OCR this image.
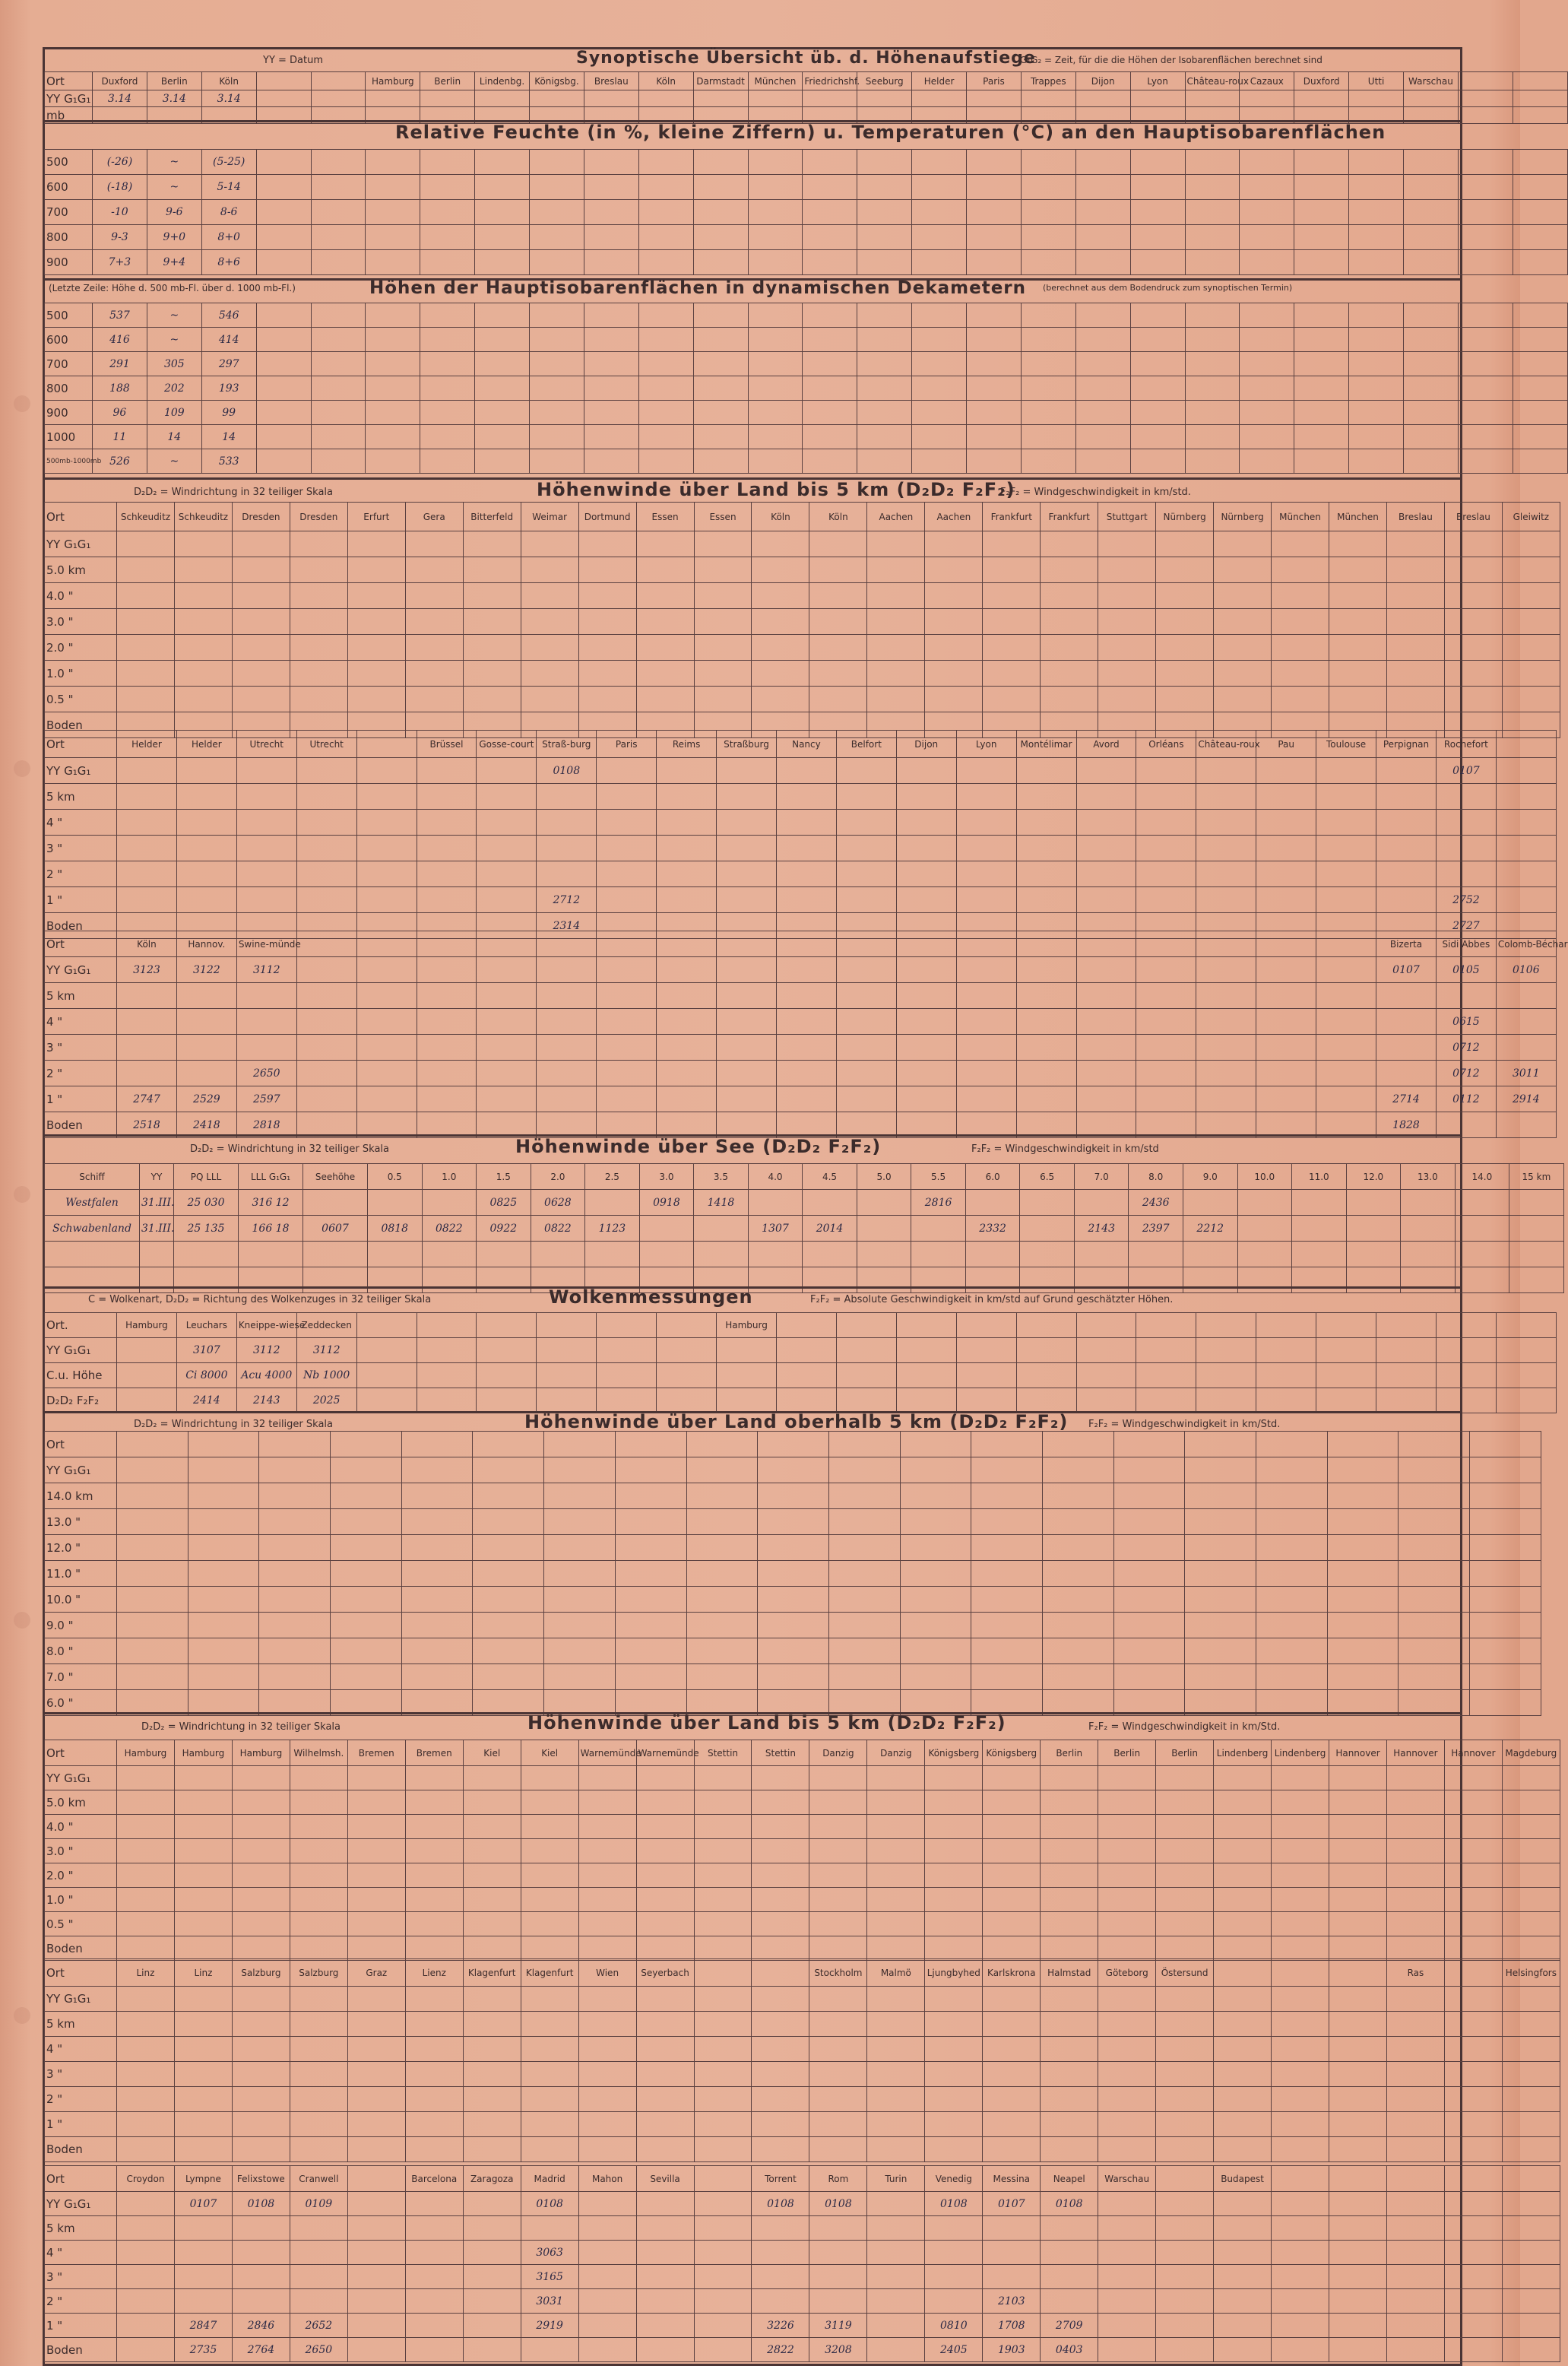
Synoptische Übersicht üb. d. Höhenaufstiege
YY = Datum	G₁G₂ = Zeit, für die die Höhen der Isobarenflächen berechnet sind
Ort	Duxford	Berlin	Köln			Hamburg	Berlin	Lindenbg.	Königsbg.	Breslau	Köln	Darmstadt	München	Friedrichshf.	Seeburg	Helder	Paris	Trappes	Dijon	Lyon	Château-roux	Cazaux	Duxford	Utti	Warschau		
YY G₁G₁	3.14	3.14	3.14																								
mb																											
Relative Feuchte (in %, kleine Ziffern) u. Temperaturen (°C) an den Hauptisobarenflächen
500	(-26)	~	(5-25)																								
600	(-18)	~	5-14																								
700	-10	9-6	8-6																								
800	9-3	9+0	8+0																								
900	7+3	9+4	8+6																								
(Letzte Zeile: Höhe d. 500 mb-Fl. über d. 1000 mb-Fl.)	Höhen der Hauptisobarenflächen in dynamischen Dekametern (berechnet aus dem Bodendruck zum synoptischen Termin)
500	537	~	546																								
600	416	~	414																								
700	291	305	297																								
800	188	202	193																								
900	96	109	99																								
1000	11	14	14																								
500mb-1000mb	526	~	533																								
D₂D₂ = Windrichtung in 32 teiliger Skala	Höhenwinde über Land bis 5 km (D₂D₂ F₂F₂)
F₂F₂ = Windgeschwindigkeit in km/std.
Ort	Schkeuditz	Schkeuditz	Dresden	Dresden	Erfurt	Gera	Bitterfeld	Weimar	Dortmund	Essen	Essen	Köln	Köln	Aachen	Aachen	Frankfurt	Frankfurt	Stuttgart	Nürnberg	Nürnberg	München	München	Breslau	Breslau	Gleiwitz
YY G₁G₁																									
5.0 km																									
4.0 "																									
3.0 "																									
2.0 "																									
1.0 "																									
0.5 "																									
Boden																									
Ort	Helder	Helder	Utrecht	Utrecht		Brüssel	Gosse-court	Straß-burg	Paris	Reims	Straßburg	Nancy	Belfort	Dijon	Lyon	Montélimar	Avord	Orléans	Château-roux	Pau	Toulouse	Perpignan	Rochefort	
YY G₁G₁								0108															0107	
5 km																								
4 "																								
3 "																								
2 "																								
1 "								2712															2752	
Boden								2314															2727	
Ort	Köln	Hannov.	Swine-münde																			Bizerta	Sidi Abbes	Colomb-Béchar
YY G₁G₁	3123	3122	3112																			0107	0105	0106
5 km																								
4 "																							0615	
3 "																							0712	
2 "			2650																				0712	3011
1 "	2747	2529	2597																			2714	0112	2914
Boden	2518	2418	2818																			1828		
D₂D₂ = Windrichtung in 32 teiliger Skala	Höhenwinde über See (D₂D₂ F₂F₂)	F₂F₂ = Windgeschwindigkeit in km/std
Schiff	YY	PQ LLL	LLL G₁G₁	Seehöhe	0.5	1.0	1.5	2.0	2.5	3.0	3.5	4.0	4.5	5.0	5.5	6.0	6.5	7.0	8.0	9.0	10.0	11.0	12.0	13.0	14.0	15 km
Westfalen	31.III.	25 030	316 12				0825	0628		0918	1418				2816				2436							
Schwabenland	31.III.	25 135	166 18	0607	0818	0822	0922	0822	1123			1307	2014			2332		2143	2397	2212						

C = Wolkenart, D₂D₂ = Richtung des Wolkenzuges in 32 teiliger Skala	Wolkenmessungen	F₂F₂ = Absolute Geschwindigkeit in km/std auf Grund geschätzter Höhen.
Ort.	Hamburg	Leuchars	Kneippe-wiese	Zeddecken							Hamburg													
YY G₁G₁		3107	3112	3112																				
C.u. Höhe		Ci 8000	Acu 4000	Nb 1000																				
D₂D₂ F₂F₂		2414	2143	2025																				
D₂D₂ = Windrichtung in 32 teiliger Skala	Höhenwinde über Land oberhalb 5 km (D₂D₂ F₂F₂) F₂F₂ = Windgeschwindigkeit in km/Std.
Ort																				
YY G₁G₁																				
14.0 km																				
13.0 "																				
12.0 "																				
11.0 "																				
10.0 "																				
9.0 "																				
8.0 "																				
7.0 "																				
6.0 "																				
D₂D₂ = Windrichtung in 32 teiliger Skala	Höhenwinde über Land bis 5 km (D₂D₂ F₂F₂)	F₂F₂ = Windgeschwindigkeit in km/Std.
Ort	Hamburg	Hamburg	Hamburg	Wilhelmsh.	Bremen	Bremen	Kiel	Kiel	Warnemünde	Warnemünde	Stettin	Stettin	Danzig	Danzig	Königsberg	Königsberg	Berlin	Berlin	Berlin	Lindenberg	Lindenberg	Hannover	Hannover	Hannover	Magdeburg
YY G₁G₁																									
5.0 km																									
4.0 "																									
3.0 "																									
2.0 "																									
1.0 "																									
0.5 "																									
Boden																									
Ort	Linz	Linz	Salzburg	Salzburg	Graz	Lienz	Klagenfurt	Klagenfurt	Wien	Seyerbach			Stockholm	Malmö	Ljungbyhed	Karlskrona	Halmstad	Göteborg	Östersund				Ras		Helsingfors
YY G₁G₁																									
5 km																									
4 "																									
3 "																									
2 "																									
1 "																									
Boden																									
Ort	Croydon	Lympne	Felixstowe	Cranwell		Barcelona	Zaragoza	Madrid	Mahon	Sevilla		Torrent	Rom	Turin	Venedig	Messina	Neapel	Warschau		Budapest					
YY G₁G₁		0107	0108	0109				0108				0108	0108		0108	0107	0108								
5 km																									
4 "								3063																	
3 "								3165																	
2 "								3031								2103									
1 "		2847	2846	2652				2919				3226	3119		0810	1708	2709								
Boden		2735	2764	2650								2822	3208		2405	1903	0403								
